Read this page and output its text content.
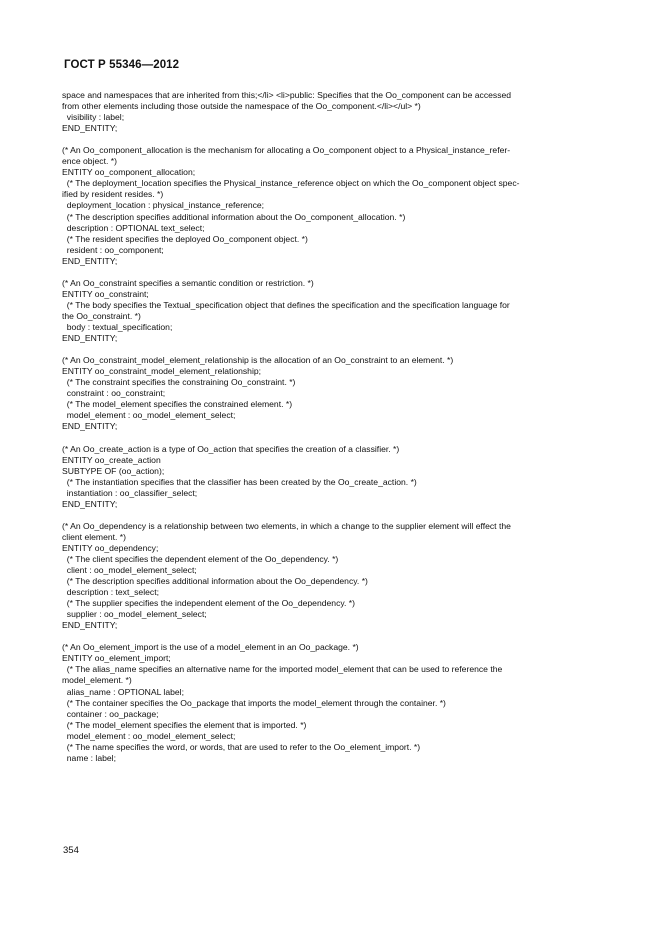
ГОСТ Р 55346—2012
space and namespaces that are inherited from this;</li> <li>public: Specifies that the Oo_component can be accessed
from other elements including those outside the namespace of the Oo_component.</li></ul> *)
visibility : label;
END_ENTITY;
(* An Oo_component_allocation is the mechanism for allocating a Oo_component object to a Physical_instance_refer-
ence object. *)
ENTITY oo_component_allocation;
(* The deployment_location specifies the Physical_instance_reference object on which the Oo_component object spec-
ified by resident resides. *)
deployment_location : physical_instance_reference;
(* The description specifies additional information about the Oo_component_allocation. *)
description : OPTIONAL text_select;
(* The resident specifies the deployed Oo_component object. *)
resident : oo_component;
END_ENTITY;
(* An Oo_constraint specifies a semantic condition or restriction. *)
ENTITY oo_constraint;
(* The body specifies the Textual_specification object that defines the specification and the specification language for
the Oo_constraint. *)
body : textual_specification;
END_ENTITY;
(* An Oo_constraint_model_element_relationship is the allocation of an Oo_constraint to an element. *)
ENTITY oo_constraint_model_element_relationship;
(* The constraint specifies the constraining Oo_constraint. *)
constraint : oo_constraint;
(* The model_element specifies the constrained element. *)
model_element : oo_model_element_select;
END_ENTITY;
(* An Oo_create_action is a type of Oo_action that specifies the creation of a classifier. *)
ENTITY oo_create_action
SUBTYPE OF (oo_action);
(* The instantiation specifies that the classifier has been created by the Oo_create_action. *)
instantiation : oo_classifier_select;
END_ENTITY;
(* An Oo_dependency is a relationship between two elements, in which a change to the supplier element will effect the
client element. *)
ENTITY oo_dependency;
(* The client specifies the dependent element of the Oo_dependency. *)
client : oo_model_element_select;
(* The description specifies additional information about the Oo_dependency. *)
description : text_select;
(* The supplier specifies the independent element of the Oo_dependency. *)
supplier : oo_model_element_select;
END_ENTITY;
(* An Oo_element_import is the use of a model_element in an Oo_package. *)
ENTITY oo_element_import;
(* The alias_name specifies an alternative name for the imported model_element that can be used to reference the
model_element. *)
alias_name : OPTIONAL label;
(* The container specifies the Oo_package that imports the model_element through the container. *)
container : oo_package;
(* The model_element specifies the element that is imported. *)
model_element : oo_model_element_select;
(* The name specifies the word, or words, that are used to refer to the Oo_element_import. *)
name : label;
354
